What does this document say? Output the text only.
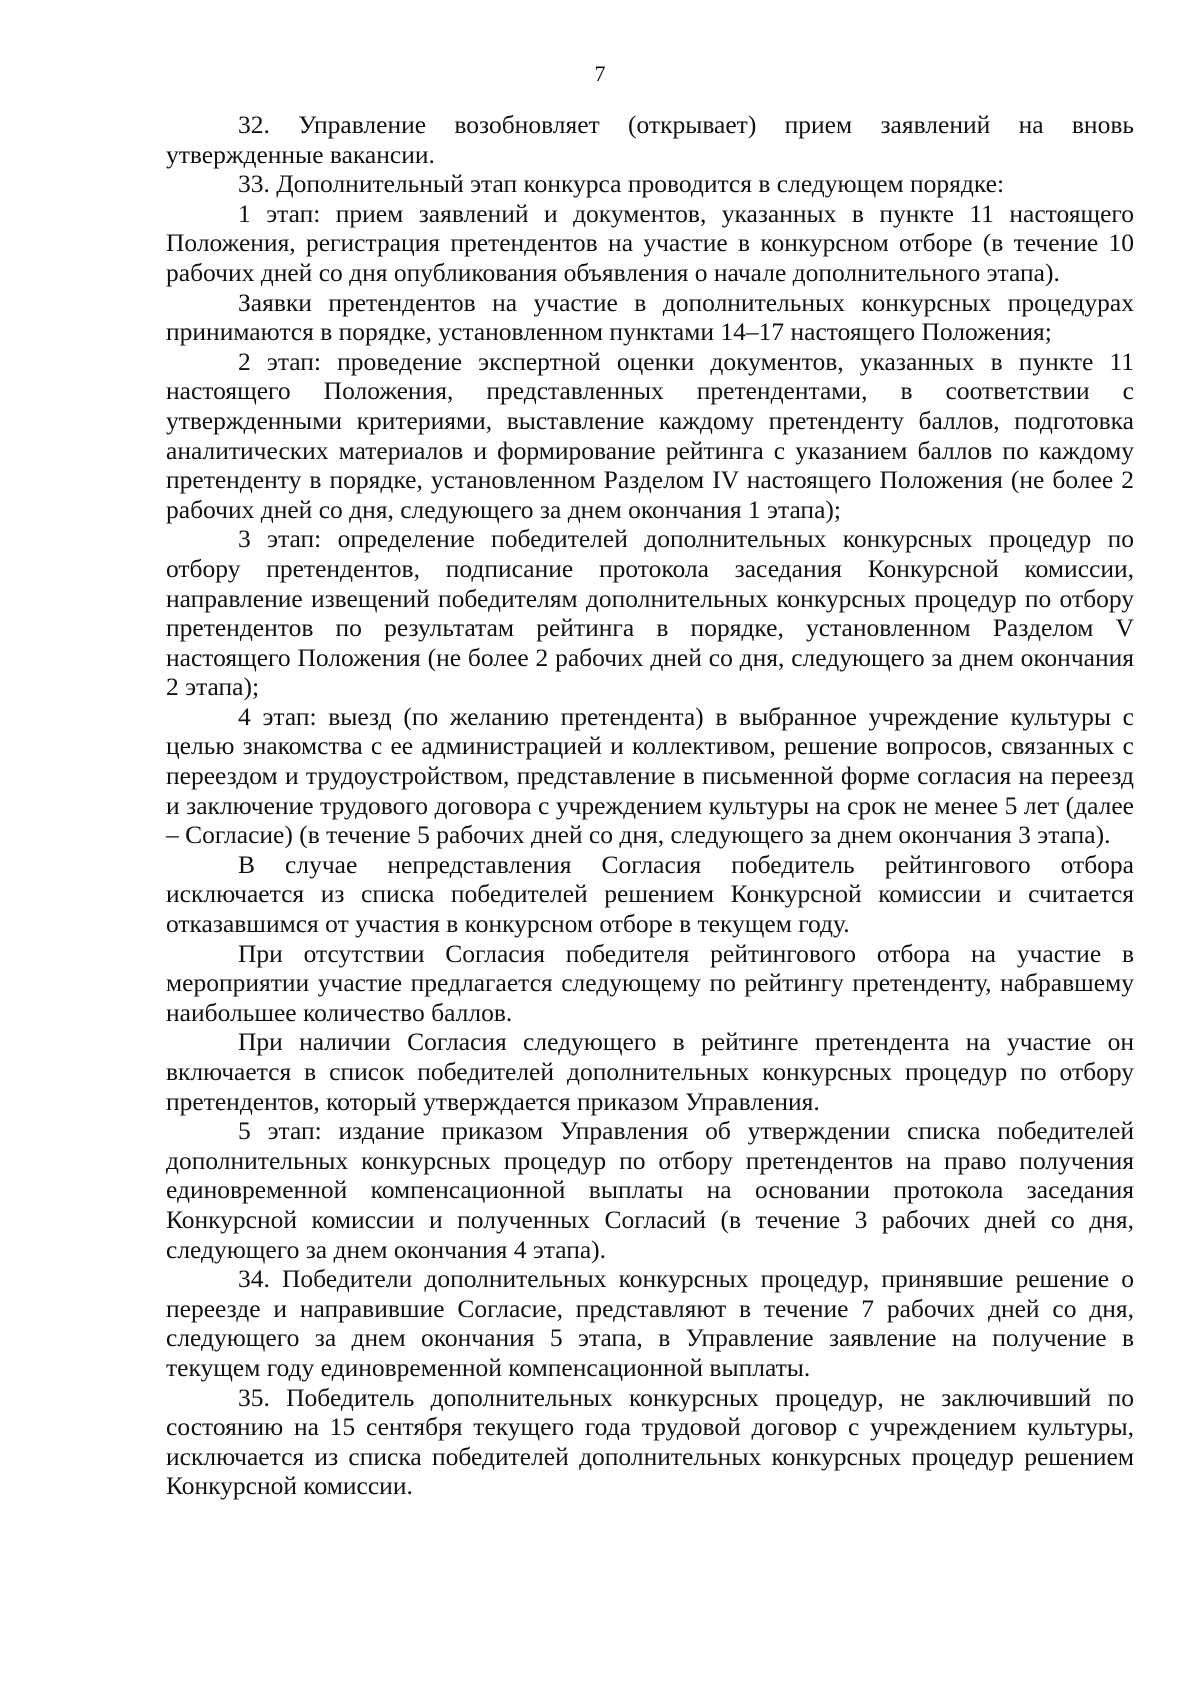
7

32. Управление возобновляет (открывает) прием заявлений на вновь утвержденные вакансии.

33. Дополнительный этап конкурса проводится в следующем порядке:

1 этап: прием заявлений и документов, указанных в пункте 11 настоящего Положения, регистрация претендентов на участие в конкурсном отборе (в течение 10 рабочих дней со дня опубликования объявления о начале дополнительного этапа).

Заявки претендентов на участие в дополнительных конкурсных процедурах принимаются в порядке, установленном пунктами 14–17 настоящего Положения;

2 этап: проведение экспертной оценки документов, указанных в пункте 11 настоящего Положения, представленных претендентами, в соответствии с утвержденными критериями, выставление каждому претенденту баллов, подготовка аналитических материалов и формирование рейтинга с указанием баллов по каждому претенденту в порядке, установленном Разделом IV настоящего Положения (не более 2 рабочих дней со дня, следующего за днем окончания 1 этапа);

3 этап: определение победителей дополнительных конкурсных процедур по отбору претендентов, подписание протокола заседания Конкурсной комиссии, направление извещений победителям дополнительных конкурсных процедур по отбору претендентов по результатам рейтинга в порядке, установленном Разделом V настоящего Положения (не более 2 рабочих дней со дня, следующего за днем окончания 2 этапа);

4 этап: выезд (по желанию претендента) в выбранное учреждение культуры с целью знакомства с ее администрацией и коллективом, решение вопросов, связанных с переездом и трудоустройством, представление в письменной форме согласия на переезд и заключение трудового договора с учреждением культуры на срок не менее 5 лет (далее – Согласие) (в течение 5 рабочих дней со дня, следующего за днем окончания 3 этапа).

В случае непредставления Согласия победитель рейтингового отбора исключается из списка победителей решением Конкурсной комиссии и считается отказавшимся от участия в конкурсном отборе в текущем году.

При отсутствии Согласия победителя рейтингового отбора на участие в мероприятии участие предлагается следующему по рейтингу претенденту, набравшему наибольшее количество баллов.

При наличии Согласия следующего в рейтинге претендента на участие он включается в список победителей дополнительных конкурсных процедур по отбору претендентов, который утверждается приказом Управления.

5 этап: издание приказом Управления об утверждении списка победителей дополнительных конкурсных процедур по отбору претендентов на право получения единовременной компенсационной выплаты на основании протокола заседания Конкурсной комиссии и полученных Согласий (в течение 3 рабочих дней со дня, следующего за днем окончания 4 этапа).

34. Победители дополнительных конкурсных процедур, принявшие решение о переезде и направившие Согласие, представляют в течение 7 рабочих дней со дня, следующего за днем окончания 5 этапа, в Управление заявление на получение в текущем году единовременной компенсационной выплаты.

35. Победитель дополнительных конкурсных процедур, не заключивший по состоянию на 15 сентября текущего года трудовой договор с учреждением культуры, исключается из списка победителей дополнительных конкурсных процедур решением Конкурсной комиссии.
